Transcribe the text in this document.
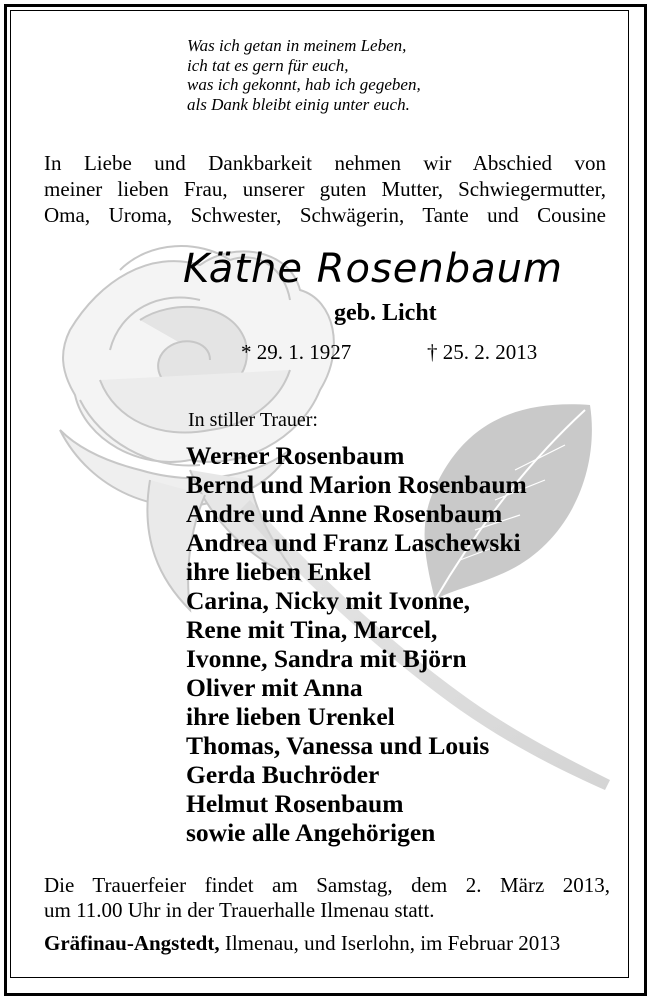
Was ich getan in meinem Leben,
ich tat es gern für euch,
was ich gekonnt, hab ich gegeben,
als Dank bleibt einig unter euch.
In Liebe und Dankbarkeit nehmen wir Abschied von
meiner lieben Frau, unserer guten Mutter, Schwiegermutter,
Oma, Uroma, Schwester, Schwägerin, Tante und Cousine
Käthe Rosenbaum
geb. Licht
* 29. 1. 1927	† 25. 2. 2013
In stiller Trauer:
Werner Rosenbaum
Bernd und Marion Rosenbaum
Andre und Anne Rosenbaum
Andrea und Franz Laschewski
ihre lieben Enkel
Carina, Nicky mit Ivonne,
Rene mit Tina, Marcel,
Ivonne, Sandra mit Björn
Oliver mit Anna
ihre lieben Urenkel
Thomas, Vanessa und Louis
Gerda Buchröder
Helmut Rosenbaum
sowie alle Angehörigen
Die Trauerfeier findet am Samstag, dem 2. März 2013,
um 11.00 Uhr in der Trauerhalle Ilmenau statt.
Gräfinau-Angstedt, Ilmenau, und Iserlohn, im Februar 2013
